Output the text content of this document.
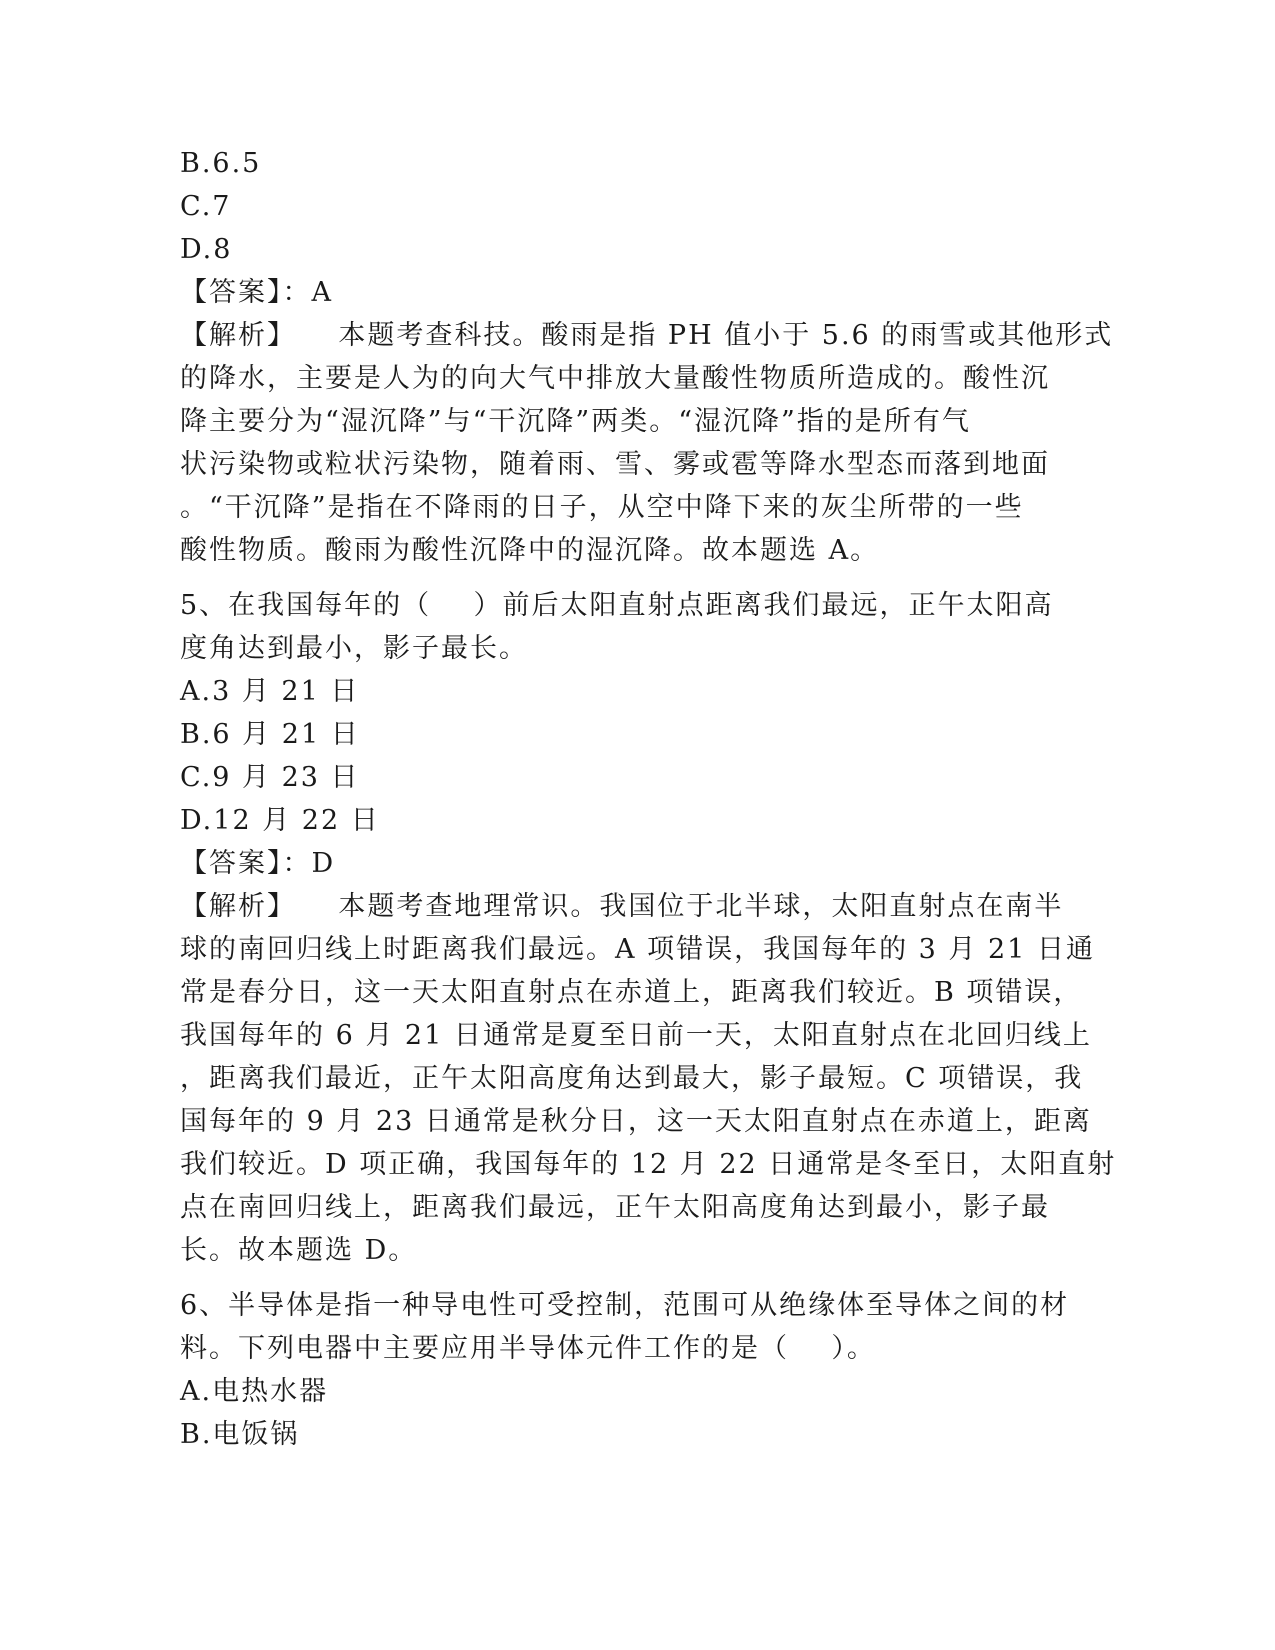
B.6.5
C.7
D.8
【答案】：A
【解析】    本题考查科技。酸雨是指 PH 值小于 5.6 的雨雪或其他形式
的降水，主要是人为的向大气中排放大量酸性物质所造成的。酸性沉
降主要分为“湿沉降”与“干沉降”两类。“湿沉降”指的是所有气
状污染物或粒状污染物，随着雨、雪、雾或雹等降水型态而落到地面
。“干沉降”是指在不降雨的日子，从空中降下来的灰尘所带的一些
酸性物质。酸雨为酸性沉降中的湿沉降。故本题选 A。
5、在我国每年的（    ）前后太阳直射点距离我们最远，正午太阳高
度角达到最小，影子最长。
A.3 月 21 日
B.6 月 21 日
C.9 月 23 日
D.12 月 22 日
【答案】：D
【解析】    本题考查地理常识。我国位于北半球，太阳直射点在南半
球的南回归线上时距离我们最远。A 项错误，我国每年的 3 月 21 日通
常是春分日，这一天太阳直射点在赤道上，距离我们较近。B 项错误，
我国每年的 6 月 21 日通常是夏至日前一天，太阳直射点在北回归线上
，距离我们最近，正午太阳高度角达到最大，影子最短。C 项错误，我
国每年的 9 月 23 日通常是秋分日，这一天太阳直射点在赤道上，距离
我们较近。D 项正确，我国每年的 12 月 22 日通常是冬至日，太阳直射
点在南回归线上，距离我们最远，正午太阳高度角达到最小，影子最
长。故本题选 D。
6、半导体是指一种导电性可受控制，范围可从绝缘体至导体之间的材
料。下列电器中主要应用半导体元件工作的是（    ）。
A.电热水器
B.电饭锅
